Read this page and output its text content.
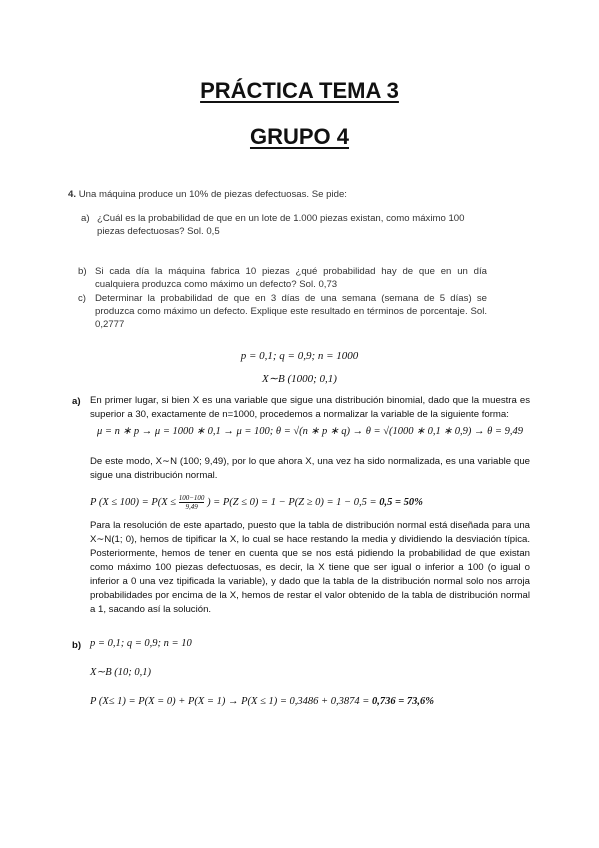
PRÁCTICA TEMA 3
GRUPO 4
4. Una máquina produce un 10% de piezas defectuosas. Se pide:
a) ¿Cuál es la probabilidad de que en un lote de 1.000 piezas existan, como máximo 100 piezas defectuosas? Sol. 0,5
b) Si cada día la máquina fabrica 10 piezas ¿qué probabilidad hay de que en un día cualquiera produzca como máximo un defecto? Sol. 0,73
c) Determinar la probabilidad de que en 3 días de una semana (semana de 5 días) se produzca como máximo un defecto. Explique este resultado en términos de porcentaje. Sol. 0,2777
p = 0,1; q = 0,9; n = 1000
X∼B (1000; 0,1)
a) En primer lugar, si bien X es una variable que sigue una distribución binomial, dado que la muestra es superior a 30, exactamente de n=1000, procedemos a normalizar la variable de la siguiente forma:
μ = n ∗ p → μ = 1000 ∗ 0,1 → μ = 100; θ = √(n ∗ p ∗ q) → θ = √(1000 ∗ 0,1 ∗ 0,9) → θ = 9,49
De este modo, X∼N (100; 9,49), por lo que ahora X, una vez ha sido normalizada, es una variable que sigue una distribución normal.
P $(X \le 100) = P(X \le \frac{100-100}{9,49}$ ) = P(Z ≤ 0) = 1 − P(Z ≥ 0) = 1 − 0,5 = 0,5 = 50%
Para la resolución de este apartado, puesto que la tabla de distribución normal está diseñada para una X∼N(1; 0), hemos de tipificar la X, lo cual se hace restando la media y dividiendo la desviación típica. Posteriormente, hemos de tener en cuenta que se nos está pidiendo la probabilidad de que existan como máximo 100 piezas defectuosas, es decir, la X tiene que ser igual o inferior a 100 (o igual o inferior a 0 una vez tipificada la variable), y dado que la tabla de la distribución normal solo nos arroja probabilidades por encima de la X, hemos de restar el valor obtenido de la tabla de distribución normal a 1, sacando así la solución.
b) p = 0,1; q = 0,9; n = 10
X∼B (10; 0,1)
P (X≤ 1) = P(X = 0) + P(X = 1) → P(X ≤ 1) = 0,3486 + 0,3874 = 0,736 = 73,6%
